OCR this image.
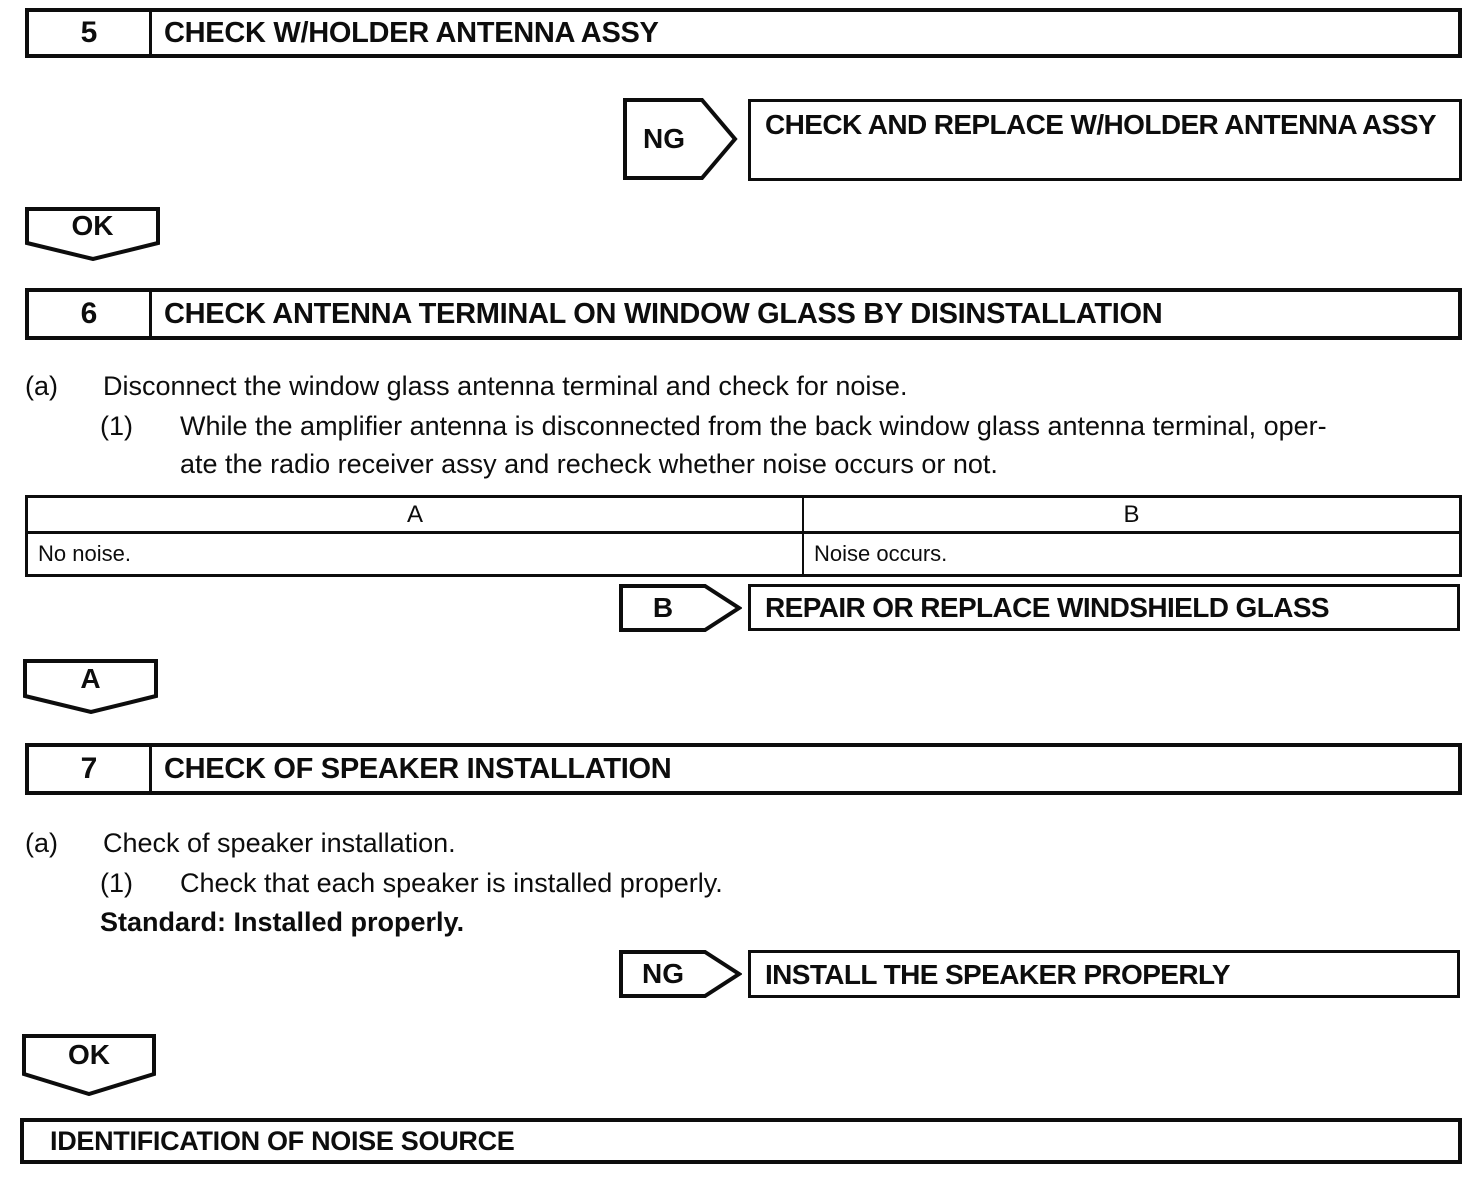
5	CHECK W/HOLDER ANTENNA ASSY
NG	CHECK AND REPLACE W/HOLDER ANTENNA ASSY
OK
6	CHECK ANTENNA TERMINAL ON WINDOW GLASS BY DISINSTALLATION
(a)	Disconnect the window glass antenna terminal and check for noise.
(1)	While the amplifier antenna is disconnected from the back window glass antenna terminal, oper-
ate the radio receiver assy and recheck whether noise occurs or not.
A	B
No noise.	Noise occurs.
B	REPAIR OR REPLACE WINDSHIELD GLASS
A
7	CHECK OF SPEAKER INSTALLATION
(a)	Check of speaker installation.
(1)	Check that each speaker is installed properly.
Standard: Installed properly.
NG	INSTALL THE SPEAKER PROPERLY
OK
IDENTIFICATION OF NOISE SOURCE
